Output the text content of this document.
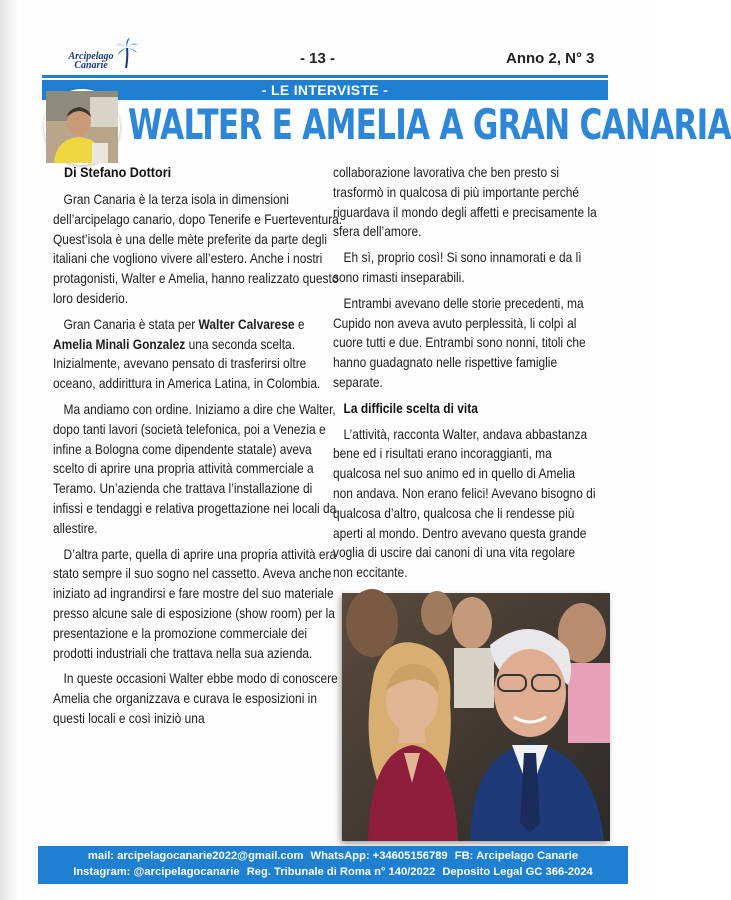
Arcipelago
Canarie	- 13 -	Anno 2, N° 3
- LE INTERVISTE -
WALTER E AMELIA A GRAN CANARIA
Di Stefano Dottori

Gran Canaria è la terza isola in dimensioni dell’arcipelago canario, dopo Tenerife e Fuerteventura. Quest’isola è una delle mète preferite da parte degli italiani che vogliono vivere all’estero. Anche i nostri protagonisti, Walter e Amelia, hanno realizzato questo loro desiderio.

Gran Canaria è stata per Walter Calvarese e Amelia Minali Gonzalez una seconda scelta. Inizialmente, avevano pensato di trasferirsi oltre oceano, addirittura in America Latina, in Colombia.

Ma andiamo con ordine. Iniziamo a dire che Walter, dopo tanti lavori (società telefonica, poi a Venezia e infine a Bologna come dipendente statale) aveva scelto di aprire una propria attività commerciale a Teramo. Un’azienda che trattava l’installazione di infissi e tendaggi e relativa progettazione nei locali da allestire.

D’altra parte, quella di aprire una propria attività era stato sempre il suo sogno nel cassetto. Aveva anche iniziato ad ingrandirsi e fare mostre del suo materiale presso alcune sale di esposizione (show room) per la presentazione e la promozione commerciale dei prodotti industriali che trattava nella sua azienda.

In queste occasioni Walter ebbe modo di conoscere Amelia che organizzava e curava le esposizioni in questi locali e così iniziò una

collaborazione lavorativa che ben presto si trasformò in qualcosa di più importante perché riguardava il mondo degli affetti e precisamente la sfera dell’amore.

Eh sì, proprio così! Si sono innamorati e da lì sono rimasti inseparabili.

Entrambi avevano delle storie precedenti, ma Cupido non aveva avuto perplessità, li colpì al cuore tutti e due. Entrambi sono nonni, titoli che hanno guadagnato nelle rispettive famiglie separate.

La difficile scelta di vita

L’attività, racconta Walter, andava abbastanza bene ed i risultati erano incoraggianti, ma qualcosa nel suo animo ed in quello di Amelia non andava. Non erano felici! Avevano bisogno di qualcosa d’altro, qualcosa che li rendesse più aperti al mondo. Dentro avevano questa grande voglia di uscire dai canoni di una vita regolare non eccitante.

mail: arcipelagocanarie2022@gmail.com WhatsApp: +34605156789 FB: Arcipelago Canarie
Instagram: @arcipelagocanarie Reg. Tribunale di Roma n° 140/2022 Deposito Legal GC 366-2024
